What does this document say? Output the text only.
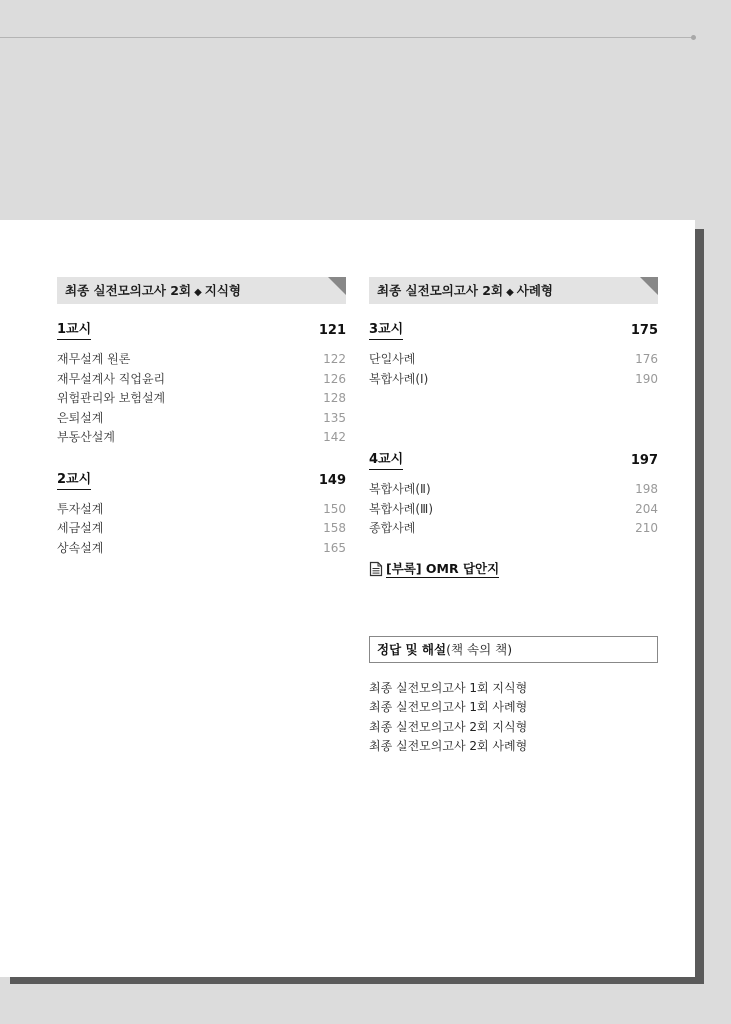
최종 실전모의고사 2회 ◆ 지식형
1교시	121
재무설계 원론	122
재무설계사 직업윤리	126
위험관리와 보험설계	128
은퇴설계	135
부동산설계	142
2교시	149
투자설계	150
세금설계	158
상속설계	165
최종 실전모의고사 2회 ◆ 사례형
3교시	175
단일사례	176
복합사례(Ⅰ)	190
4교시	197
복합사례(Ⅱ)	198
복합사례(Ⅲ)	204
종합사례	210
[부록] OMR 답안지
정답 및 해설(책 속의 책)
최종 실전모의고사 1회 지식형
최종 실전모의고사 1회 사례형
최종 실전모의고사 2회 지식형
최종 실전모의고사 2회 사례형
